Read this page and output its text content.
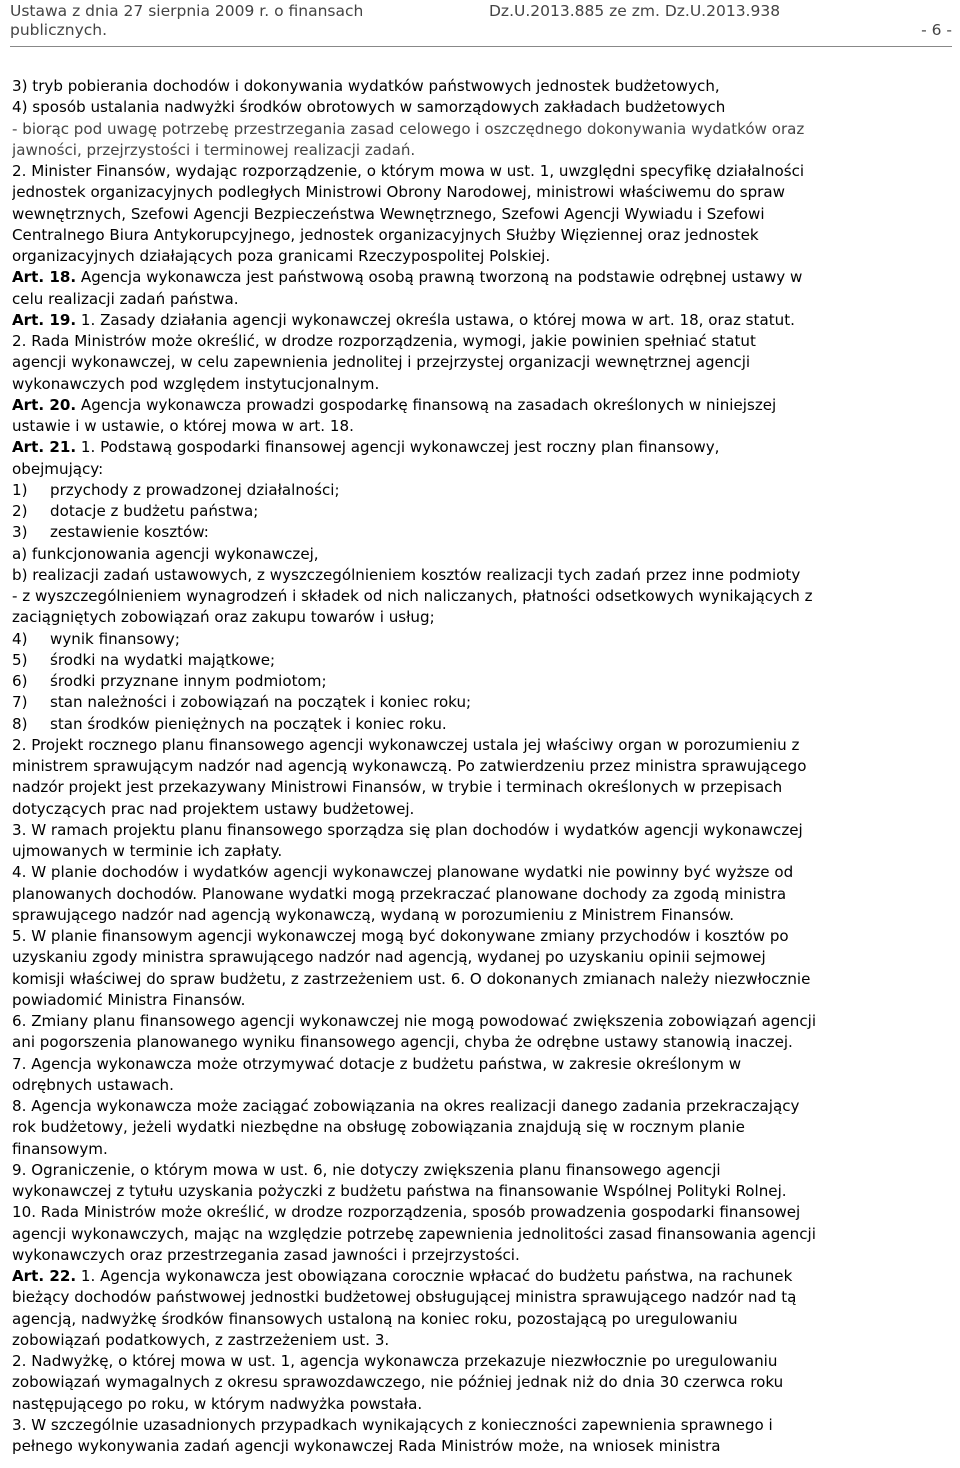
Ustawa z dnia 27 sierpnia 2009 r. o finansach
publicznych.
Dz.U.2013.885 ze zm. Dz.U.2013.938
- 6 -
3) tryb pobierania dochodów i dokonywania wydatków państwowych jednostek budżetowych,
4) sposób ustalania nadwyżki środków obrotowych w samorządowych zakładach budżetowych
- biorąc pod uwagę potrzebę przestrzegania zasad celowego i oszczędnego dokonywania wydatków oraz
jawności, przejrzystości i terminowej realizacji zadań.
2. Minister Finansów, wydając rozporządzenie, o którym mowa w ust. 1, uwzględni specyfikę działalności
jednostek organizacyjnych podległych Ministrowi Obrony Narodowej, ministrowi właściwemu do spraw
wewnętrznych, Szefowi Agencji Bezpieczeństwa Wewnętrznego, Szefowi Agencji Wywiadu i Szefowi
Centralnego Biura Antykorupcyjnego, jednostek organizacyjnych Służby Więziennej oraz jednostek
organizacyjnych działających poza granicami Rzeczypospolitej Polskiej.
Art. 18. Agencja wykonawcza jest państwową osobą prawną tworzoną na podstawie odrębnej ustawy w
celu realizacji zadań państwa.
Art. 19. 1. Zasady działania agencji wykonawczej określa ustawa, o której mowa w art. 18, oraz statut.
2. Rada Ministrów może określić, w drodze rozporządzenia, wymogi, jakie powinien spełniać statut
agencji wykonawczej, w celu zapewnienia jednolitej i przejrzystej organizacji wewnętrznej agencji
wykonawczych pod względem instytucjonalnym.
Art. 20. Agencja wykonawcza prowadzi gospodarkę finansową na zasadach określonych w niniejszej
ustawie i w ustawie, o której mowa w art. 18.
Art. 21. 1. Podstawą gospodarki finansowej agencji wykonawczej jest roczny plan finansowy,
obejmujący:
1) przychody z prowadzonej działalności;
2) dotacje z budżetu państwa;
3) zestawienie kosztów:
a) funkcjonowania agencji wykonawczej,
b) realizacji zadań ustawowych, z wyszczególnieniem kosztów realizacji tych zadań przez inne podmioty
- z wyszczególnieniem wynagrodzeń i składek od nich naliczanych, płatności odsetkowych wynikających z
zaciągniętych zobowiązań oraz zakupu towarów i usług;
4) wynik finansowy;
5) środki na wydatki majątkowe;
6) środki przyznane innym podmiotom;
7) stan należności i zobowiązań na początek i koniec roku;
8) stan środków pieniężnych na początek i koniec roku.
2. Projekt rocznego planu finansowego agencji wykonawczej ustala jej właściwy organ w porozumieniu z
ministrem sprawującym nadzór nad agencją wykonawczą. Po zatwierdzeniu przez ministra sprawującego
nadzór projekt jest przekazywany Ministrowi Finansów, w trybie i terminach określonych w przepisach
dotyczących prac nad projektem ustawy budżetowej.
3. W ramach projektu planu finansowego sporządza się plan dochodów i wydatków agencji wykonawczej
ujmowanych w terminie ich zapłaty.
4. W planie dochodów i wydatków agencji wykonawczej planowane wydatki nie powinny być wyższe od
planowanych dochodów. Planowane wydatki mogą przekraczać planowane dochody za zgodą ministra
sprawującego nadzór nad agencją wykonawczą, wydaną w porozumieniu z Ministrem Finansów.
5. W planie finansowym agencji wykonawczej mogą być dokonywane zmiany przychodów i kosztów po
uzyskaniu zgody ministra sprawującego nadzór nad agencją, wydanej po uzyskaniu opinii sejmowej
komisji właściwej do spraw budżetu, z zastrzeżeniem ust. 6. O dokonanych zmianach należy niezwłocznie
powiadomić Ministra Finansów.
6. Zmiany planu finansowego agencji wykonawczej nie mogą powodować zwiększenia zobowiązań agencji
ani pogorszenia planowanego wyniku finansowego agencji, chyba że odrębne ustawy stanowią inaczej.
7. Agencja wykonawcza może otrzymywać dotacje z budżetu państwa, w zakresie określonym w
odrębnych ustawach.
8. Agencja wykonawcza może zaciągać zobowiązania na okres realizacji danego zadania przekraczający
rok budżetowy, jeżeli wydatki niezbędne na obsługę zobowiązania znajdują się w rocznym planie
finansowym.
9. Ograniczenie, o którym mowa w ust. 6, nie dotyczy zwiększenia planu finansowego agencji
wykonawczej z tytułu uzyskania pożyczki z budżetu państwa na finansowanie Wspólnej Polityki Rolnej.
10. Rada Ministrów może określić, w drodze rozporządzenia, sposób prowadzenia gospodarki finansowej
agencji wykonawczych, mając na względzie potrzebę zapewnienia jednolitości zasad finansowania agencji
wykonawczych oraz przestrzegania zasad jawności i przejrzystości.
Art. 22. 1. Agencja wykonawcza jest obowiązana corocznie wpłacać do budżetu państwa, na rachunek
bieżący dochodów państwowej jednostki budżetowej obsługującej ministra sprawującego nadzór nad tą
agencją, nadwyżkę środków finansowych ustaloną na koniec roku, pozostającą po uregulowaniu
zobowiązań podatkowych, z zastrzeżeniem ust. 3.
2. Nadwyżkę, o której mowa w ust. 1, agencja wykonawcza przekazuje niezwłocznie po uregulowaniu
zobowiązań wymagalnych z okresu sprawozdawczego, nie później jednak niż do dnia 30 czerwca roku
następującego po roku, w którym nadwyżka powstała.
3. W szczególnie uzasadnionych przypadkach wynikających z konieczności zapewnienia sprawnego i
pełnego wykonywania zadań agencji wykonawczej Rada Ministrów może, na wniosek ministra
